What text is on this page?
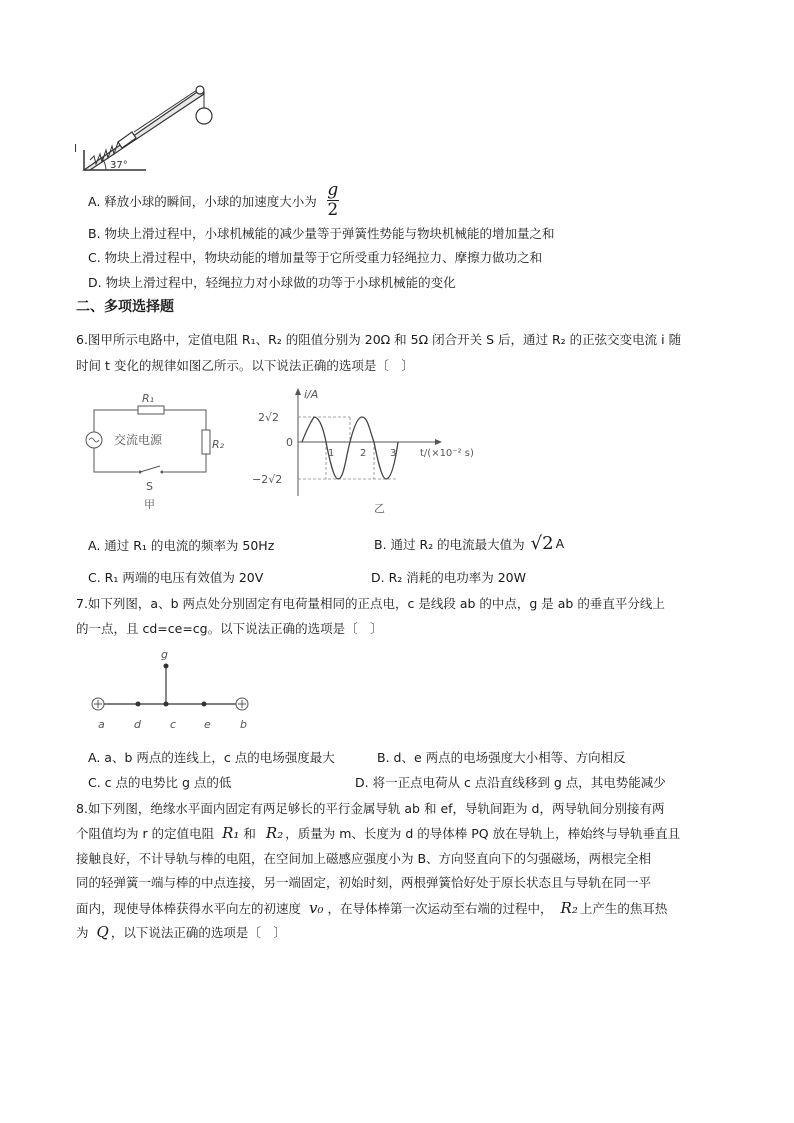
37°
l
A. 释放小球的瞬间，小球的加速度大小为 $\frac{g}{2}$
B. 物块上滑过程中，小球机械能的减少量等于弹簧性势能与物块机械能的增加量之和
C. 物块上滑过程中，物块动能的增加量等于它所受重力轻绳拉力、摩擦力做功之和
D. 物块上滑过程中，轻绳拉力对小球做的功等于小球机械能的变化
二、多项选择题
6.图甲所示电路中，定值电阻 R₁、R₂ 的阻值分别为 20Ω 和 5Ω 闭合开关 S 后，通过 R₂ 的正弦交变电流 i 随
时间 t 变化的规律如图乙所示。以下说法正确的选项是〔　〕
R₁
R₂
交流电源
S
甲
i/A
2√2
0
−2√2
1	2 3 t/(×10⁻² s)
乙
A. 通过 R₁ 的电流的频率为 50Hz	B. 通过 R₂ 的电流最大值为 √2 A
C. R₁ 两端的电压有效值为 20V	D. R₂ 消耗的电功率为 20W
7.如下列图，a、b 两点处分别固定有电荷量相同的正点电，c 是线段 ab 的中点，g 是 ab 的垂直平分线上
的一点，且 cd=ce=cg。以下说法正确的选项是〔　〕
g
a	d	c	e	b
A. a、b 两点的连线上，c 点的电场强度最大	B. d、e 两点的电场强度大小相等、方向相反
C. c 点的电势比 g 点的低	D. 将一正点电荷从 c 点沿直线移到 g 点，其电势能减少
8.如下列图，绝缘水平面内固定有两足够长的平行金属导轨 ab 和 ef，导轨间距为 d，两导轨间分别接有两
个阻值均为 r 的定值电阻 R₁ 和 R₂ ，质量为 m、长度为 d 的导体棒 PQ 放在导轨上，棒始终与导轨垂直且
接触良好，不计导轨与棒的电阻，在空间加上磁感应强度小为 B、方向竖直向下的匀强磁场，两根完全相
同的轻弹簧一端与棒的中点连接，另一端固定，初始时刻，两根弹簧恰好处于原长状态且与导轨在同一平
面内，现使导体棒获得水平向左的初速度 v₀ ，在导体棒第一次运动至右端的过程中， R₂ 上产生的焦耳热
为 Q ，以下说法正确的选项是〔　〕
